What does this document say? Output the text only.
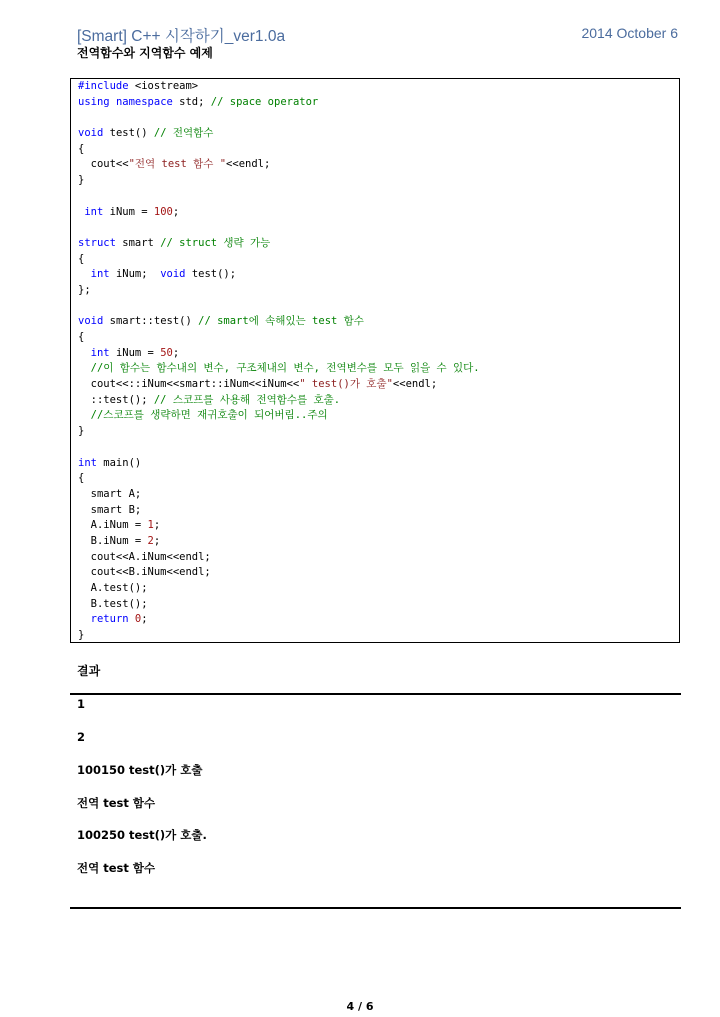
[Smart] C++ 시작하기_ver1.0a	2014 October 6
전역함수와 지역함수 예제
#include <iostream>
using namespace std; // space operator
void test() // 전역함수
{
cout<<"전역 test 함수 "<<endl;
}
int iNum = 100;
struct smart // struct 생략 가능
{
int iNum;  void test();
};
void smart::test() // smart에 속해있는 test 함수
{
int iNum = 50;
//이 함수는 함수내의 변수, 구조체내의 변수, 전역변수를 모두 읽을 수 있다.
cout<<::iNum<<smart::iNum<<iNum<<" test()가 호출"<<endl;
::test(); // 스코프를 사용해 전역함수를 호출.
//스코프를 생략하면 재귀호출이 되어버림..주의
}
int main()
{
smart A;
smart B;
A.iNum = 1;
B.iNum = 2;
cout<<A.iNum<<endl;
cout<<B.iNum<<endl;
A.test();
B.test();
return 0;
}
결과
1
2
100150 test()가 호출
전역 test 함수
100250 test()가 호출.
전역 test 함수
4 / 6
